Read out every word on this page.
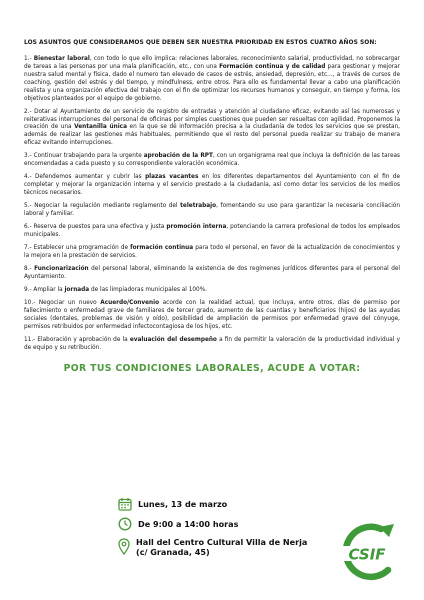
LOS ASUNTOS QUE CONSIDERAMOS QUE DEBEN SER NUESTRA PRIORIDAD EN ESTOS CUATRO AÑOS SON:

1.- Bienestar laboral, con todo lo que ello implica: relaciones laborales, reconocimiento salarial, productividad, no sobrecargar de tareas a las personas por una mala planificación, etc., con una Formación continua y de calidad para gestionar y mejorar nuestra salud mental y física, dado el numero tan elevado de casos de estrés, ansiedad, depresión, etc…, a través de cursos de coaching, gestión del estrés y del tiempo, y mindfulness, entre otros. Para ello es fundamental llevar a cabo una planificación realista y una organización efectiva del trabajo con el fin de optimizar los recursos humanos y conseguir, en tiempo y forma, los objetivos planteados por el equipo de gobierno.

2.- Dotar al Ayuntamiento de un servicio de registro de entradas y atención al ciudadano eficaz, evitando así las numerosas y reiterativas interrupciones del personal de oficinas por simples cuestiones que pueden ser resueltas con agilidad. Proponemos la creación de una Ventanilla única en la que se dé información precisa a la ciudadanía de todos los servicios que se prestan, además de realizar las gestiones más habituales, permitiendo que el resto del personal pueda realizar su trabajo de manera eficaz evitando interrupciones.

3.- Continuar trabajando para la urgente aprobación de la RPT, con un organigrama real que incluya la definición de las tareas encomendadas a cada puesto y su correspondiente valoración económica.

4.- Defendemos aumentar y cubrir las plazas vacantes en los diferentes departamentos del Ayuntamiento con el fin de completar y mejorar la organización interna y el servicio prestado a la ciudadanía, así como dotar los servicios de los medios técnicos necesarios.

5.- Negociar la regulación mediante reglamento del teletrabajo, fomentando su uso para garantizar la necesaria conciliación laboral y familiar.

6.- Reserva de puestos para una efectiva y justa promoción interna, potenciando la carrera profesional de todos los empleados municipales.

7.- Establecer una programación de formación continua para todo el personal, en favor de la actualización de conocimientos y la mejora en la prestación de servicios.

8.- Funcionarización del personal laboral, eliminando la existencia de dos regímenes jurídicos diferentes para el personal del Ayuntamiento.

9.- Ampliar la jornada de las limpiadoras municipales al 100%.

10.- Negociar un nuevo Acuerdo/Convenio acorde con la realidad actual, que incluya, entre otros, días de permiso por fallecimiento o enfermedad grave de familiares de tercer grado, aumento de las cuantías y beneficiarios (hijos) de las ayudas sociales (dentales, problemas de visión y oído), posibilidad de ampliación de permisos por enfermedad grave del cónyuge, permisos retribuidos por enfermedad infectocontagiosa de los hijos, etc.

11.- Elaboración y aprobación de la evaluación del desempeño a fin de permitir la valoración de la productividad individual y de equipo y su retribución.

POR TUS CONDICIONES LABORALES, ACUDE A VOTAR:
Lunes, 13 de marzo
De 9:00 a 14:00 horas
Hall del Centro Cultural Villa de Nerja
(c/ Granada, 45)	CSIF
